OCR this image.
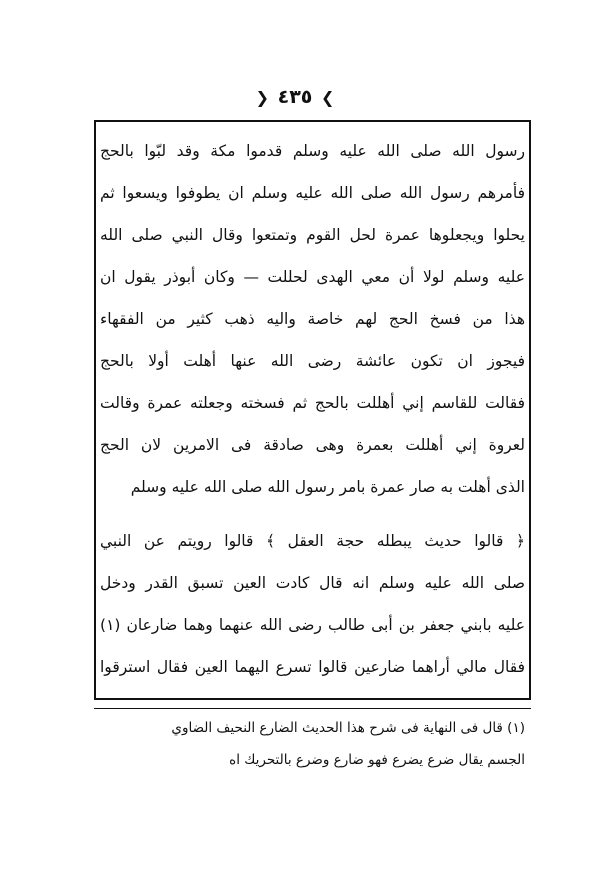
❯ ٤٣٥ ❮
رسول الله صلى الله عليه وسلم قدموا مكة وقد لبّوا بالحج
فأمرهم رسول الله صلى الله عليه وسلم ان يطوفوا ويسعوا ثم
يحلوا ويجعلوها عمرة لحل القوم وتمتعوا وقال النبي صلى الله
عليه وسلم لولا أن معي الهدى لحللت — وكان أبوذر يقول ان
هذا من فسخ الحج لهم خاصة واليه ذهب كثير من الفقهاء
فيجوز ان تكون عائشة رضى الله عنها أهلت أولا بالحج
فقالت للقاسم إني أهللت بالحج ثم فسخته وجعلته عمرة وقالت
لعروة إني أهللت بعمرة وهى صادقة فى الامرين لان الحج
الذى أهلت به صار عمرة بامر رسول الله صلى الله عليه وسلم
﴿ قالوا حديث يبطله حجة العقل ﴾ قالوا رويتم عن النبي
صلى الله عليه وسلم انه قال كادت العين تسبق القدر ودخل
عليه بابني جعفر بن أبى طالب رضى الله عنهما وهما ضارعان (١)
فقال مالي أراهما ضارعين قالوا تسرع اليهما العين فقال استرقوا
(١) قال فى النهاية فى شرح هذا الحديث الضارع النحيف الضاوي
الجسم يقال ضرع يضرع فهو ضارع وضرع بالتحريك اه
